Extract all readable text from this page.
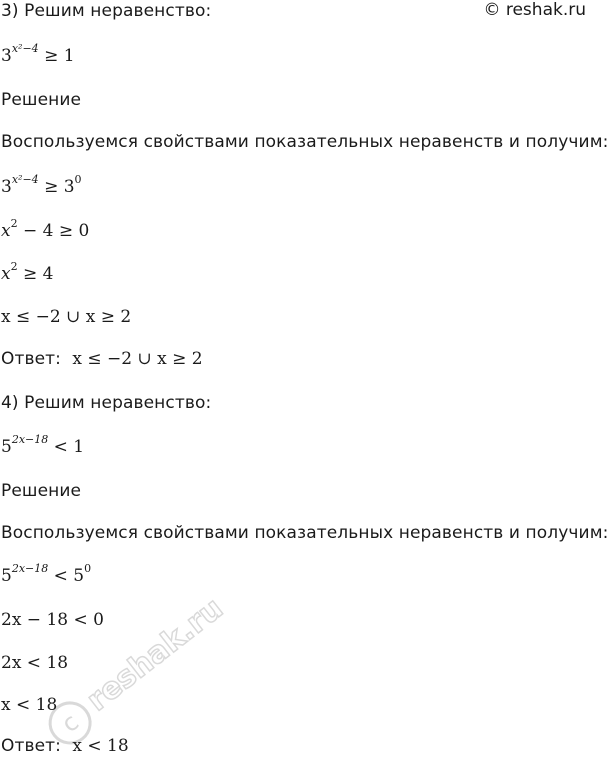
© reshak.ru
3) Решим неравенство:
$3^{x^2-4} \ge 1$
Решение
Воспользуемся свойствами показательных неравенств и получим:
$3^{x^2-4} \ge 3^0$
$x^2 - 4 \ge 0$
$x^2 \ge 4$
x ≤ −2 ∪ x ≥ 2
Ответ: x ≤ −2 ∪ x ≥ 2
4) Решим неравенство:
$5^{2x-18} < 1$
Решение
Воспользуемся свойствами показательных неравенств и получим:
$5^{2x-18} < 5^0$
2x − 18 < 0
2x < 18
x < 18
Ответ: x < 18
c
reshak.ru
